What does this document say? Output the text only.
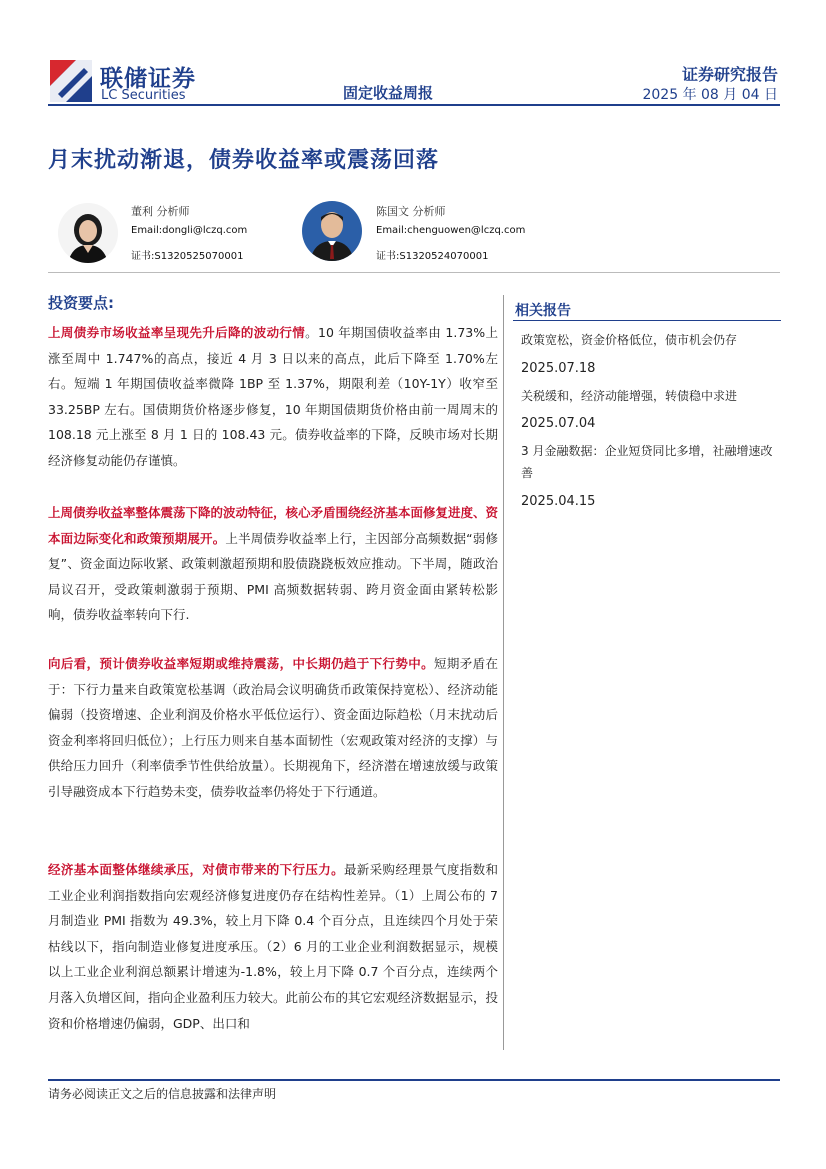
联储证券
LC Securities
证券研究报告
2025 年 08 月 04 日
固定收益周报
月末扰动渐退，债券收益率或震荡回落
董利 分析师
Email:dongli@lczq.com
证书:S1320525070001
陈国文 分析师
Email:chenguowen@lczq.com
证书:S1320524070001
投资要点:
上周债券市场收益率呈现先升后降的波动行情。10 年期国债收益率由 1.73%上涨至周中 1.747%的高点，接近 4 月 3 日以来的高点，此后下降至 1.70%左右。短端 1 年期国债收益率微降 1BP 至 1.37%，期限利差（10Y-1Y）收窄至 33.25BP 左右。国债期货价格逐步修复，10 年期国债期货价格由前一周周末的 108.18 元上涨至 8 月 1 日的 108.43 元。债券收益率的下降，反映市场对长期经济修复动能仍存谨慎。
上周债券收益率整体震荡下降的波动特征，核心矛盾围绕经济基本面修复进度、资本面边际变化和政策预期展开。上半周债券收益率上行，主因部分高频数据“弱修复”、资金面边际收紧、政策刺激超预期和股债跷跷板效应推动。下半周，随政治局议召开，受政策刺激弱于预期、PMI 高频数据转弱、跨月资金面由紧转松影响，债券收益率转向下行.
向后看，预计债券收益率短期或维持震荡，中长期仍趋于下行势中。短期矛盾在于：下行力量来自政策宽松基调（政治局会议明确货币政策保持宽松）、经济动能偏弱（投资增速、企业利润及价格水平低位运行）、资金面边际趋松（月末扰动后资金利率将回归低位）；上行压力则来自基本面韧性（宏观政策对经济的支撑）与供给压力回升（利率债季节性供给放量）。长期视角下，经济潜在增速放缓与政策引导融资成本下行趋势未变，债券收益率仍将处于下行通道。
经济基本面整体继续承压，对债市带来的下行压力。最新采购经理景气度指数和工业企业利润指数指向宏观经济修复进度仍存在结构性差异。（1）上周公布的 7 月制造业 PMI 指数为 49.3%，较上月下降 0.4 个百分点，且连续四个月处于荣枯线以下，指向制造业修复进度承压。（2）6 月的工业企业利润数据显示，规模以上工业企业利润总额累计增速为-1.8%，较上月下降 0.7 个百分点，连续两个月落入负增区间，指向企业盈利压力较大。此前公布的其它宏观经济数据显示，投资和价格增速仍偏弱，GDP、出口和
相关报告
政策宽松，资金价格低位，债市机会仍存
2025.07.18
关税缓和，经济动能增强，转债稳中求进
2025.07.04
3 月金融数据：企业短贷同比多增，社融增速改善
2025.04.15
请务必阅读正文之后的信息披露和法律声明
